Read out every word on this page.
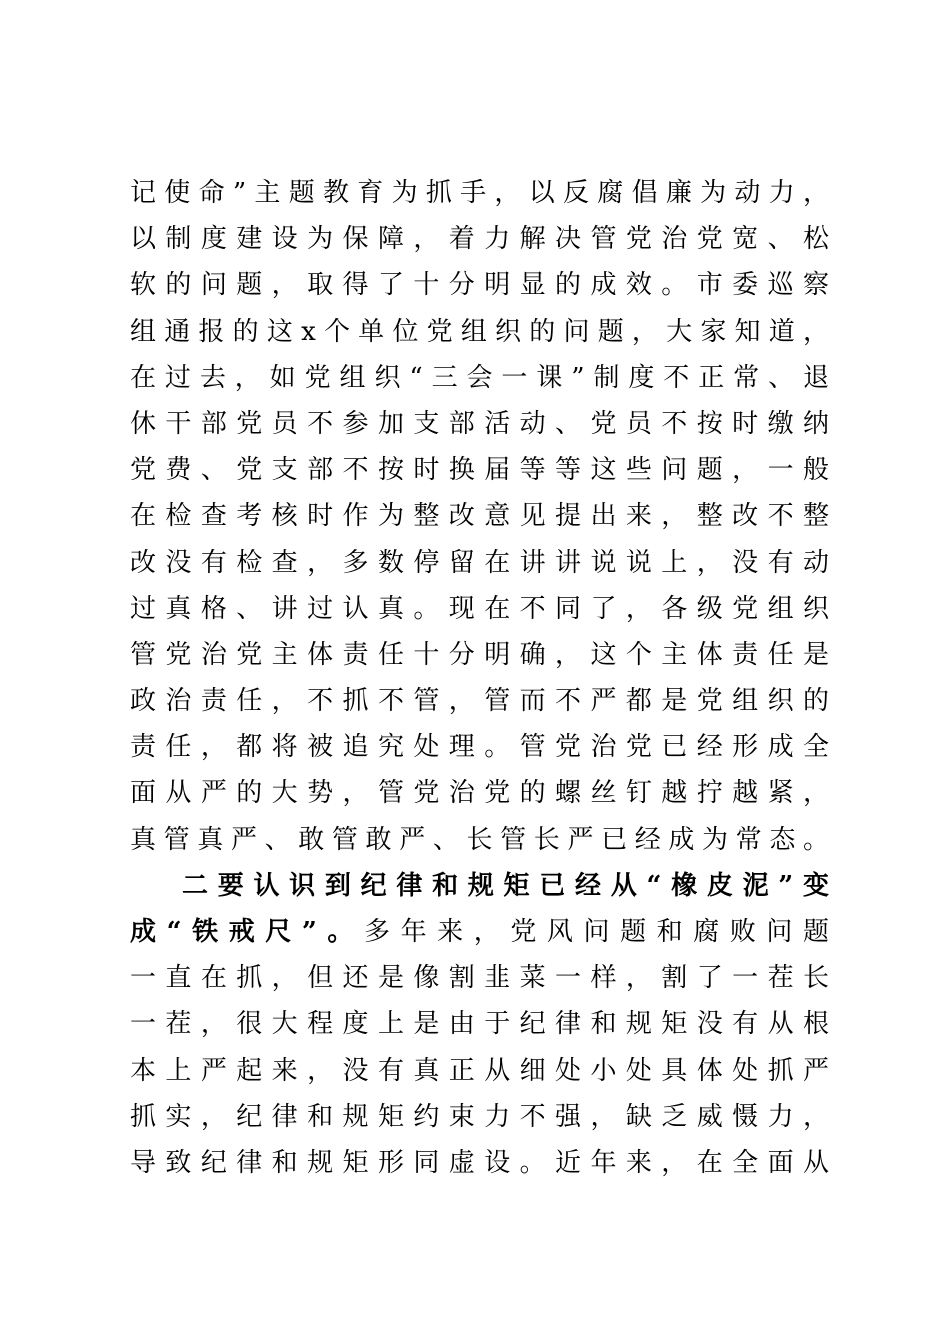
记使命”主题教育为抓手，以反腐倡廉为动力，
以制度建设为保障，着力解决管党治党宽、松
软的问题，取得了十分明显的成效。市委巡察
组通报的这x个单位党组织的问题，大家知道，
在过去，如党组织“三会一课”制度不正常、退
休干部党员不参加支部活动、党员不按时缴纳
党费、党支部不按时换届等等这些问题，一般
在检查考核时作为整改意见提出来，整改不整
改没有检查，多数停留在讲讲说说上，没有动
过真格、讲过认真。现在不同了，各级党组织
管党治党主体责任十分明确，这个主体责任是
政治责任，不抓不管，管而不严都是党组织的
责任，都将被追究处理。管党治党已经形成全
面从严的大势，管党治党的螺丝钉越拧越紧，
真管真严、敢管敢严、长管长严已经成为常态。
二要认识到纪律和规矩已经从“橡皮泥”变
成“铁戒尺”。多年来，党风问题和腐败问题
一直在抓，但还是像割韭菜一样，割了一茬长
一茬，很大程度上是由于纪律和规矩没有从根
本上严起来，没有真正从细处小处具体处抓严
抓实，纪律和规矩约束力不强，缺乏威慑力，
导致纪律和规矩形同虚设。近年来，在全面从
